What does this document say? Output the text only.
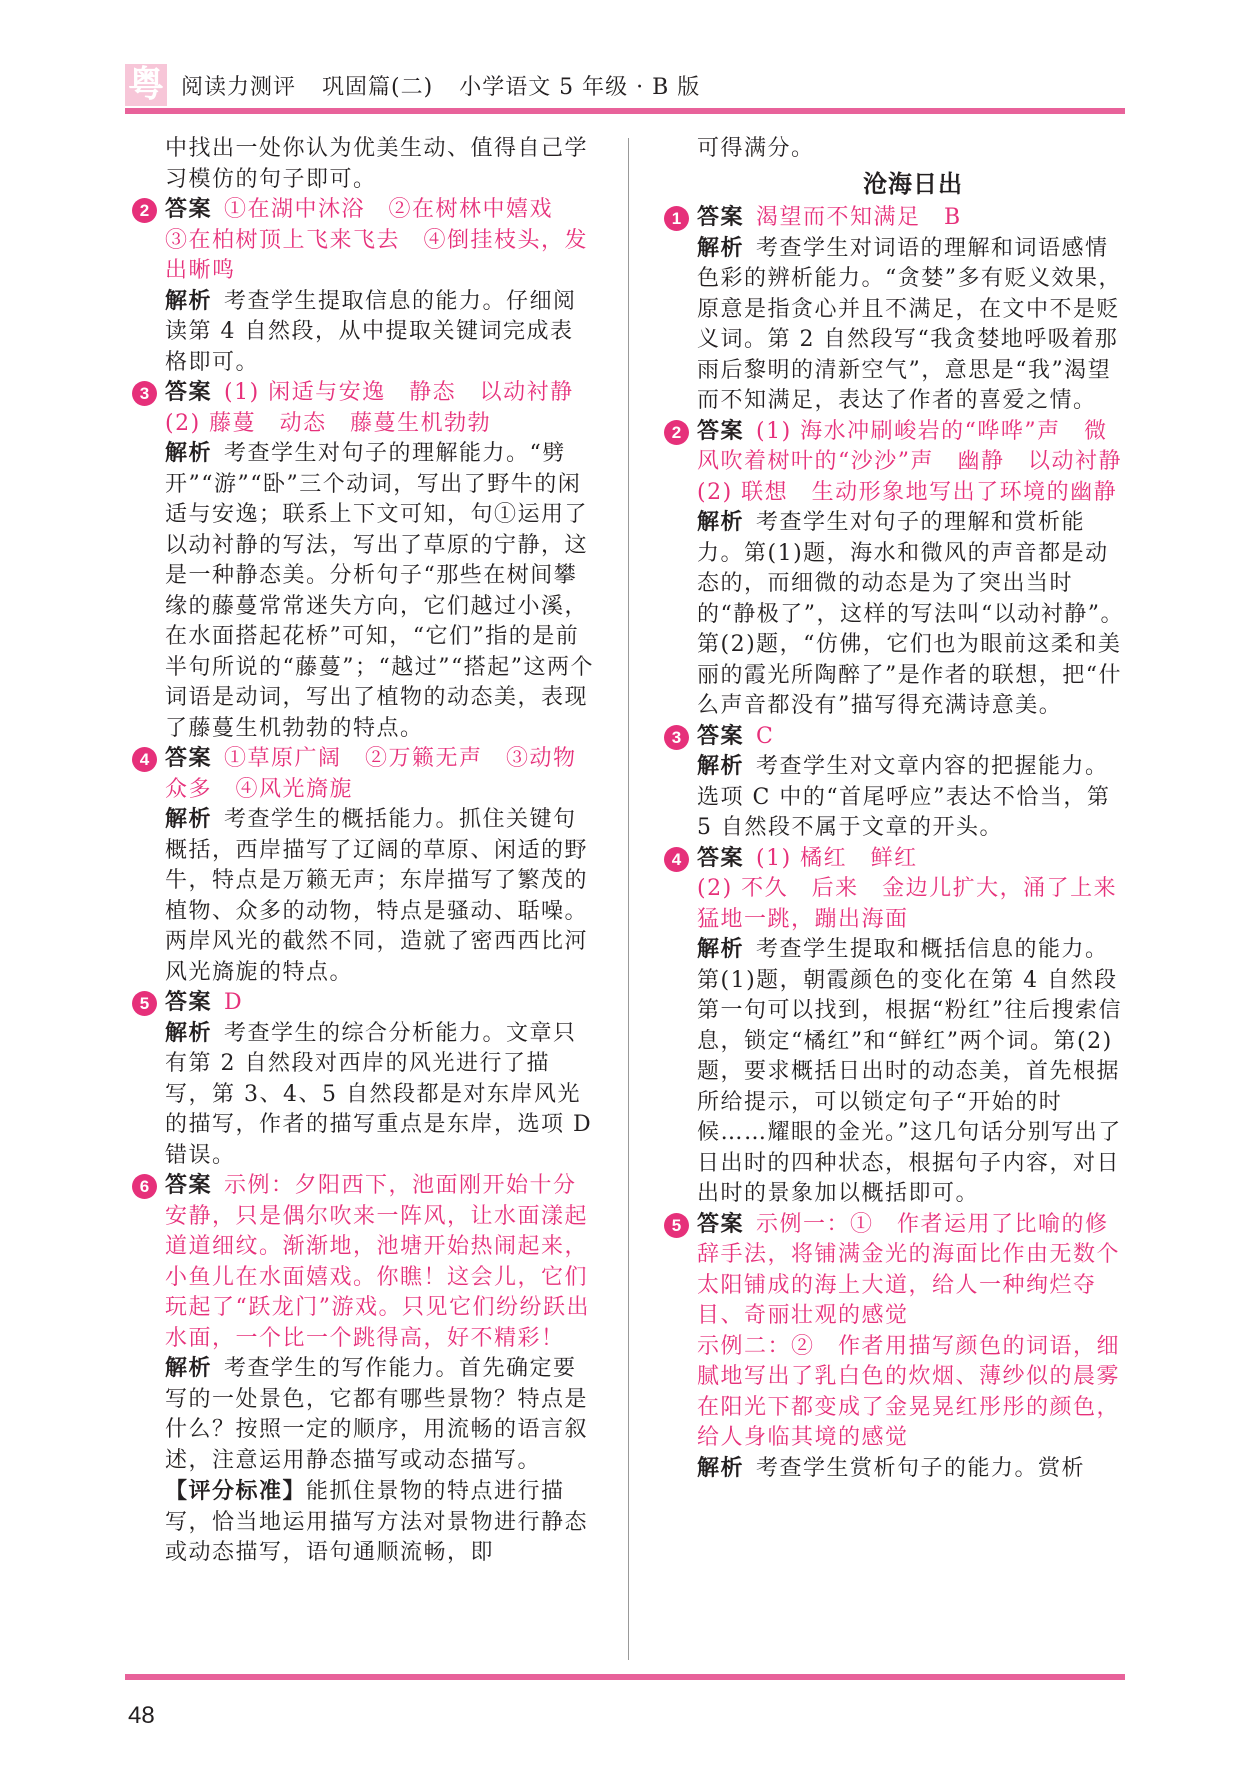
粤 阅读力测评 巩固篇(二) 小学语文 5 年级 · B 版

中找出一处你认为优美生动、值得自己学习模仿的句子即可。

2 答案 ①在湖中沐浴　②在树林中嬉戏　③在柏树顶上飞来飞去　④倒挂枝头，发出晰鸣

解析 考查学生提取信息的能力。仔细阅读第 4 自然段，从中提取关键词完成表格即可。

3 答案 (1) 闲适与安逸　静态　以动衬静

(2) 藤蔓　动态　藤蔓生机勃勃

解析 考查学生对句子的理解能力。“劈开”“游”“卧”三个动词，写出了野牛的闲适与安逸；联系上下文可知，句①运用了以动衬静的写法，写出了草原的宁静，这是一种静态美。分析句子“那些在树间攀缘的藤蔓常常迷失方向，它们越过小溪，在水面搭起花桥”可知，“它们”指的是前半句所说的“藤蔓”；“越过”“搭起”这两个词语是动词，写出了植物的动态美，表现了藤蔓生机勃勃的特点。

4 答案 ①草原广阔　②万籁无声　③动物众多　④风光旖旎

解析 考查学生的概括能力。抓住关键句概括，西岸描写了辽阔的草原、闲适的野牛，特点是万籁无声；东岸描写了繁茂的植物、众多的动物，特点是骚动、聒噪。两岸风光的截然不同，造就了密西西比河风光旖旎的特点。

5 答案 D

解析 考查学生的综合分析能力。文章只有第 2 自然段对西岸的风光进行了描写，第 3、4、5 自然段都是对东岸风光的描写，作者的描写重点是东岸，选项 D 错误。

6 答案 示例：夕阳西下，池面刚开始十分安静，只是偶尔吹来一阵风，让水面漾起道道细纹。渐渐地，池塘开始热闹起来，小鱼儿在水面嬉戏。你瞧！这会儿，它们玩起了“跃龙门”游戏。只见它们纷纷跃出水面，一个比一个跳得高，好不精彩！

解析 考查学生的写作能力。首先确定要写的一处景色，它都有哪些景物？特点是什么？按照一定的顺序，用流畅的语言叙述，注意运用静态描写或动态描写。

【评分标准】能抓住景物的特点进行描写，恰当地运用描写方法对景物进行静态或动态描写，语句通顺流畅，即

可得满分。

沧海日出
1 答案 渴望而不知满足　B

解析 考查学生对词语的理解和词语感情色彩的辨析能力。“贪婪”多有贬义效果，原意是指贪心并且不满足，在文中不是贬义词。第 2 自然段写“我贪婪地呼吸着那雨后黎明的清新空气”，意思是“我”渴望而不知满足，表达了作者的喜爱之情。

2 答案 (1) 海水冲刷峻岩的“哗哗”声　微风吹着树叶的“沙沙”声　幽静　以动衬静

(2) 联想　生动形象地写出了环境的幽静

解析 考查学生对句子的理解和赏析能力。第(1)题，海水和微风的声音都是动态的，而细微的动态是为了突出当时的“静极了”，这样的写法叫“以动衬静”。第(2)题，“仿佛，它们也为眼前这柔和美丽的霞光所陶醉了”是作者的联想，把“什么声音都没有”描写得充满诗意美。

3 答案 C

解析 考查学生对文章内容的把握能力。选项 C 中的“首尾呼应”表达不恰当，第 5 自然段不属于文章的开头。

4 答案 (1) 橘红　鲜红

(2) 不久　后来　金边儿扩大，涌了上来　猛地一跳，蹦出海面

解析 考查学生提取和概括信息的能力。第(1)题，朝霞颜色的变化在第 4 自然段第一句可以找到，根据“粉红”往后搜索信息，锁定“橘红”和“鲜红”两个词。第(2)题，要求概括日出时的动态美，首先根据所给提示，可以锁定句子“开始的时候……耀眼的金光。”这几句话分别写出了日出时的四种状态，根据句子内容，对日出时的景象加以概括即可。

5 答案 示例一：①　作者运用了比喻的修辞手法，将铺满金光的海面比作由无数个太阳铺成的海上大道，给人一种绚烂夺目、奇丽壮观的感觉

示例二：②　作者用描写颜色的词语，细腻地写出了乳白色的炊烟、薄纱似的晨雾在阳光下都变成了金晃晃红彤彤的颜色，给人身临其境的感觉

解析 考查学生赏析句子的能力。赏析

48
